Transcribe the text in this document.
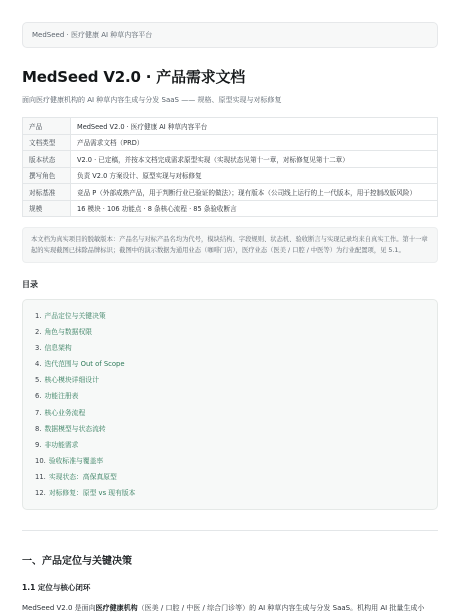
MedSeed · 医疗健康 AI 种草内容平台
MedSeed V2.0 · 产品需求文档
面向医疗健康机构的 AI 种草内容生成与分发 SaaS —— 规格、原型实现与对标修复
产品	MedSeed V2.0 · 医疗健康 AI 种草内容平台
文档类型	产品需求文档（PRD）
版本状态	V2.0 · 已定稿，并按本文档完成需求原型实现（实现状态见第十一章，对标修复见第十二章）
撰写角色	负责 V2.0 方案设计、原型实现与对标修复
对标基准	竞品 P（外部成熟产品，用于判断行业已验证的做法）；现有版本（公司线上运行的上一代版本，用于控制改版风险）
规模	16 模块 · 106 功能点 · 8 条核心流程 · 85 条验收断言
本文档为真实项目的脱敏版本：产品名与对标产品名均为代号，模块结构、字段规则、状态机、验收断言与实现记录均来自真实工作。第十一章起的实现截图已抹除品牌标识；截图中的演示数据为通用业态（咖啡门店），医疗业态（医美 / 口腔 / 中医等）为行业配置项，见 5.1。
目录
1. 产品定位与关键决策
2. 角色与数据权限
3. 信息架构
4. 迭代范围与 Out of Scope
5. 核心模块详细设计
6. 功能注册表
7. 核心业务流程
8. 数据模型与状态流转
9. 非功能需求
10. 验收标准与覆盖率
11. 实现状态：高保真原型
12. 对标修复：原型 vs 现有版本
一、产品定位与关键决策
1.1 定位与核心闭环

MedSeed V2.0 是面向医疗健康机构（医美 / 口腔 / 中医 / 综合门诊等）的 AI 种草内容生成与分发 SaaS。机构用 AI 批量生成小
